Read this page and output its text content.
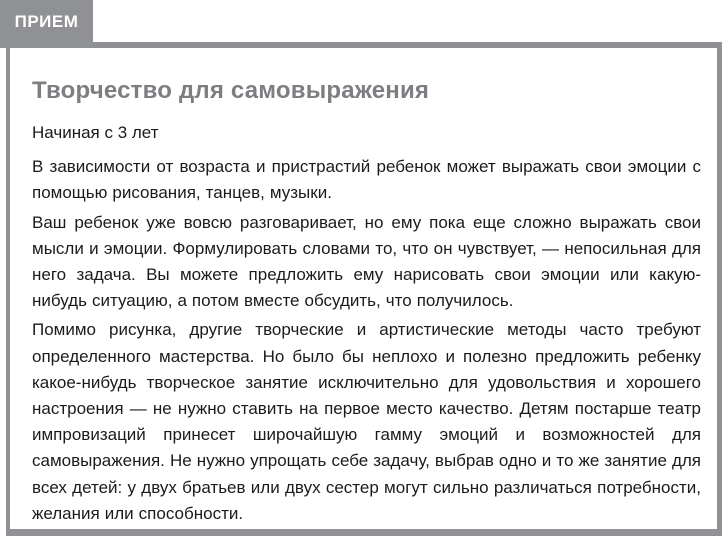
ПРИЕМ
Творчество для самовыражения

Начиная с 3 лет

В зависимости от возраста и пристрастий ребенок может выражать свои эмоции с помощью рисования, танцев, музыки.

Ваш ребенок уже вовсю разговаривает, но ему пока еще сложно выражать свои мысли и эмоции. Формулировать словами то, что он чувствует, — непосильная для него задача. Вы можете предложить ему нарисовать свои эмоции или какую-нибудь ситуацию, а потом вместе обсудить, что получилось.

Помимо рисунка, другие творческие и артистические методы часто требуют определенного мастерства. Но было бы неплохо и полезно предложить ребенку какое-нибудь творческое занятие исключительно для удовольствия и хорошего настроения — не нужно ставить на первое место качество. Детям постарше театр импровизаций принесет широчайшую гамму эмоций и возможностей для самовыражения. Не нужно упрощать себе задачу, выбрав одно и то же занятие для всех детей: у двух братьев или двух сестер могут сильно различаться потребности, желания или способности.
